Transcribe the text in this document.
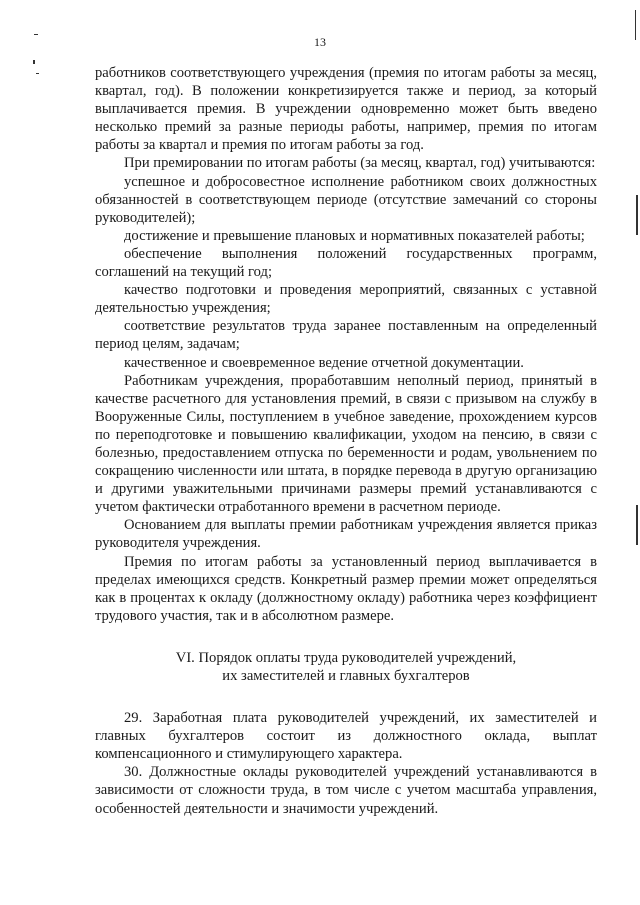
13

работников соответствующего учреждения (премия по итогам работы за месяц, квартал, год). В положении конкретизируется также и период, за который выплачивается премия. В учреждении одновременно может быть введено несколько премий за разные периоды работы, например, премия по итогам работы за квартал и премия по итогам работы за год.

При премировании по итогам работы (за месяц, квартал, год) учитываются:

успешное и добросовестное исполнение работником своих должностных обязанностей в соответствующем периоде (отсутствие замечаний со стороны руководителей);

достижение и превышение плановых и нормативных показателей работы;

обеспечение выполнения положений государственных программ, соглашений на текущий год;

качество подготовки и проведения мероприятий, связанных с уставной деятельностью учреждения;

соответствие результатов труда заранее поставленным на определенный период целям, задачам;

качественное и своевременное ведение отчетной документации.

Работникам учреждения, проработавшим неполный период, принятый в качестве расчетного для установления премий, в связи с призывом на службу в Вооруженные Силы, поступлением в учебное заведение, прохождением курсов по переподготовке и повышению квалификации, уходом на пенсию, в связи с болезнью, предоставлением отпуска по беременности и родам, увольнением по сокращению численности или штата, в порядке перевода в другую организацию и другими уважительными причинами размеры премий устанавливаются с учетом фактически отработанного времени в расчетном периоде.

Основанием для выплаты премии работникам учреждения является приказ руководителя учреждения.

Премия по итогам работы за установленный период выплачивается в пределах имеющихся средств. Конкретный размер премии может определяться как в процентах к окладу (должностному окладу) работника через коэффициент трудового участия, так и в абсолютном размере.

VI. Порядок оплаты труда руководителей учреждений,
их заместителей и главных бухгалтеров

29. Заработная плата руководителей учреждений, их заместителей и главных бухгалтеров состоит из должностного оклада, выплат компенсационного и стимулирующего характера.

30. Должностные оклады руководителей учреждений устанавливаются в зависимости от сложности труда, в том числе с учетом масштаба управления, особенностей деятельности и значимости учреждений.
